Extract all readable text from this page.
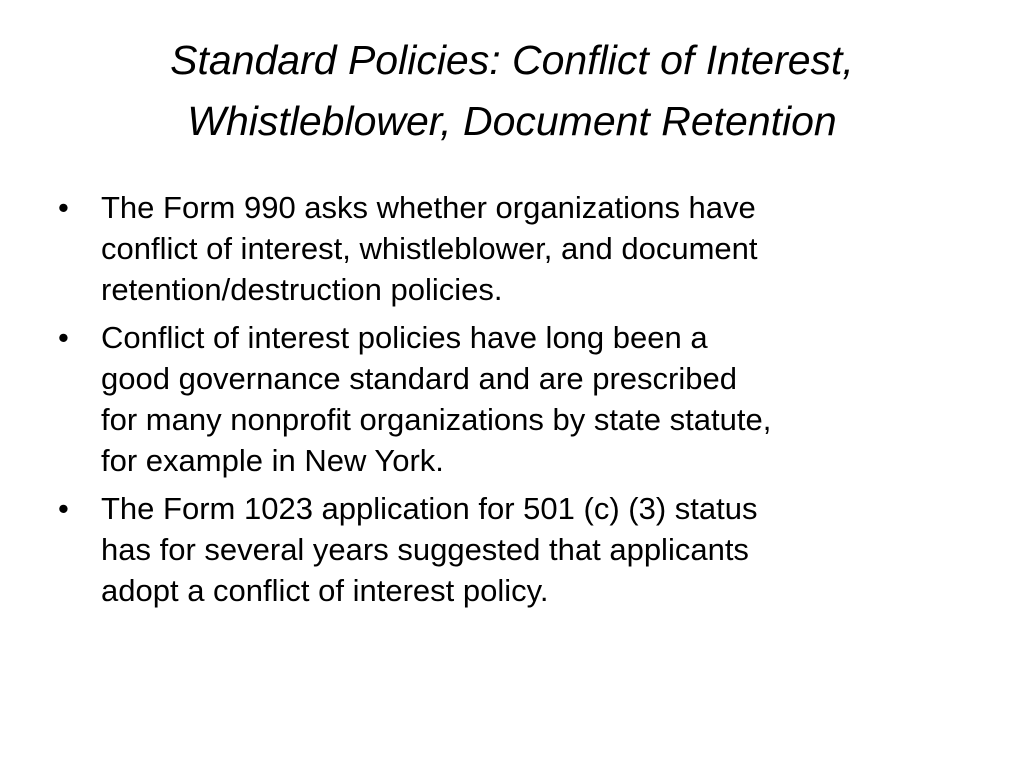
Standard Policies: Conflict of Interest,
Whistleblower, Document Retention
•	The Form 990 asks whether organizations have
conflict of interest, whistleblower, and document
retention/destruction policies.
•	Conflict of interest policies have long been a
good governance standard and are prescribed
for many nonprofit organizations by state statute,
for example in New York.
•	The Form 1023 application for 501 (c) (3) status
has for several years suggested that applicants
adopt a conflict of interest policy.
